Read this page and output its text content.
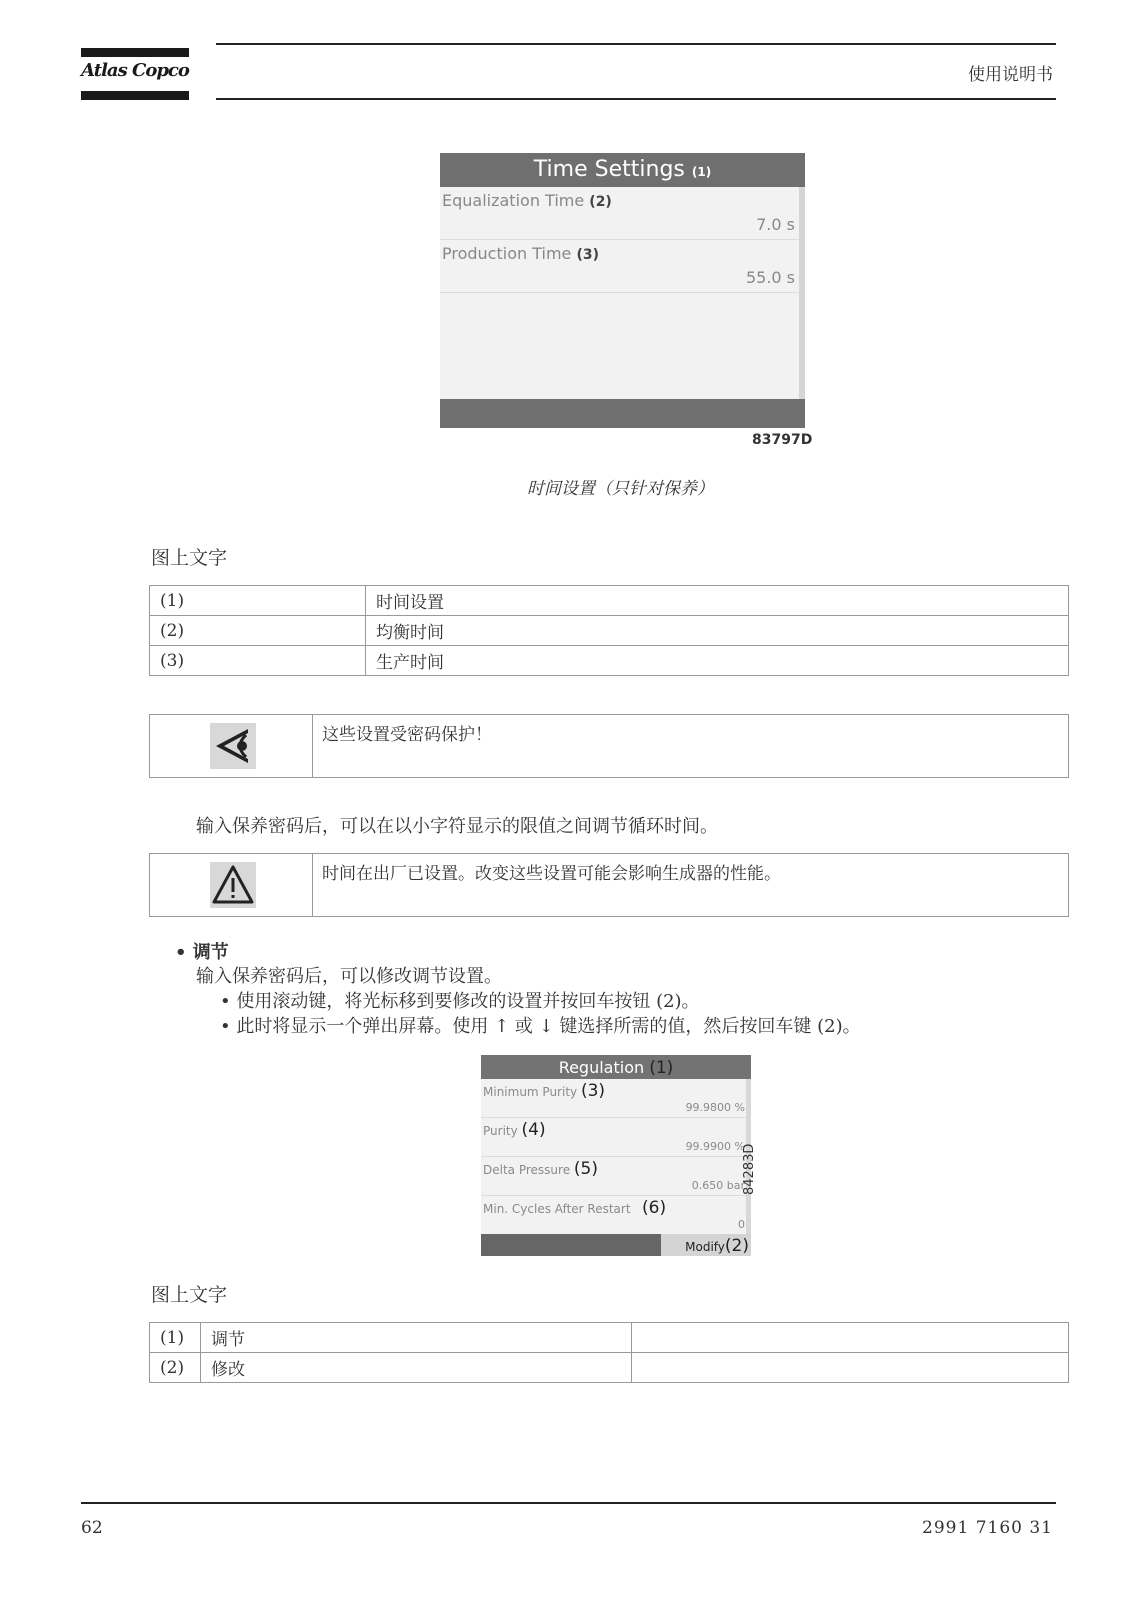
Atlas Copco	使用说明书
Time Settings (1)
Equalization Time (2)
7.0 s
Production Time (3)
55.0 s
83797D
时间设置（只针对保养）
图上文字
(1)	时间设置
(2)	均衡时间
(3)	生产时间
这些设置受密码保护！
输入保养密码后，可以在以小字符显示的限值之间调节循环时间。
时间在出厂已设置。改变这些设置可能会影响生成器的性能。
• 调节
输入保养密码后，可以修改调节设置。
• 使用滚动键，将光标移到要修改的设置并按回车按钮 (2)。
• 此时将显示一个弹出屏幕。使用 ↑ 或 ↓ 键选择所需的值，然后按回车键 (2)。
Regulation (1)
Minimum Purity (3)
99.9800 %
Purity (4)
99.9900 %
Delta Pressure (5)
0.650 bar
Min. Cycles After Restart (6)
0
Modify(2)
84283D
图上文字
(1)	调节	
(2)	修改	
62	2991 7160 31
